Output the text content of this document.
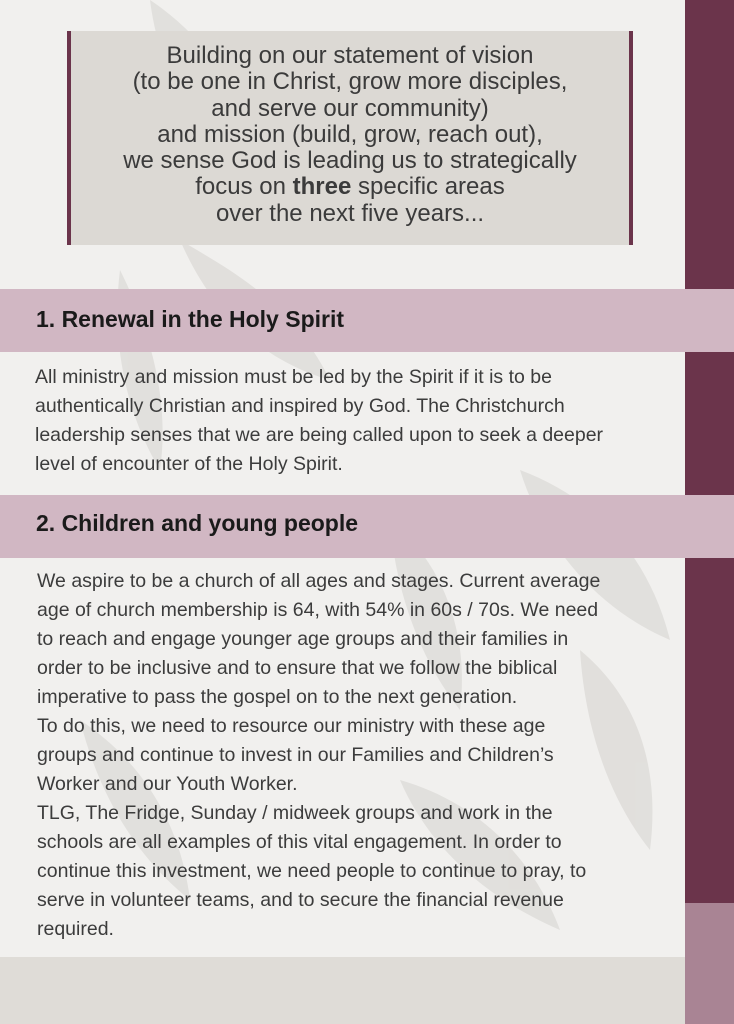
Building on our statement of vision
(to be one in Christ, grow more disciples,
and serve our community)
and mission (build, grow, reach out),
we sense God is leading us to strategically
focus on three specific areas
over the next five years...
1. Renewal in the Holy Spirit
All ministry and mission must be led by the Spirit if it is to be
authentically Christian and inspired by God. The Christchurch
leadership senses that we are being called upon to seek a deeper
level of encounter of the Holy Spirit.
2. Children and young people
We aspire to be a church of all ages and stages. Current average
age of church membership is 64, with 54% in 60s / 70s. We need
to reach and engage younger age groups and their families in
order to be inclusive and to ensure that we follow the biblical
imperative to pass the gospel on to the next generation.
To do this, we need to resource our ministry with these age
groups and continue to invest in our Families and Children’s
Worker and our Youth Worker.
TLG, The Fridge, Sunday / midweek groups and work in the
schools are all examples of this vital engagement. In order to
continue this investment, we need people to continue to pray, to
serve in volunteer teams, and to secure the financial revenue
required.
